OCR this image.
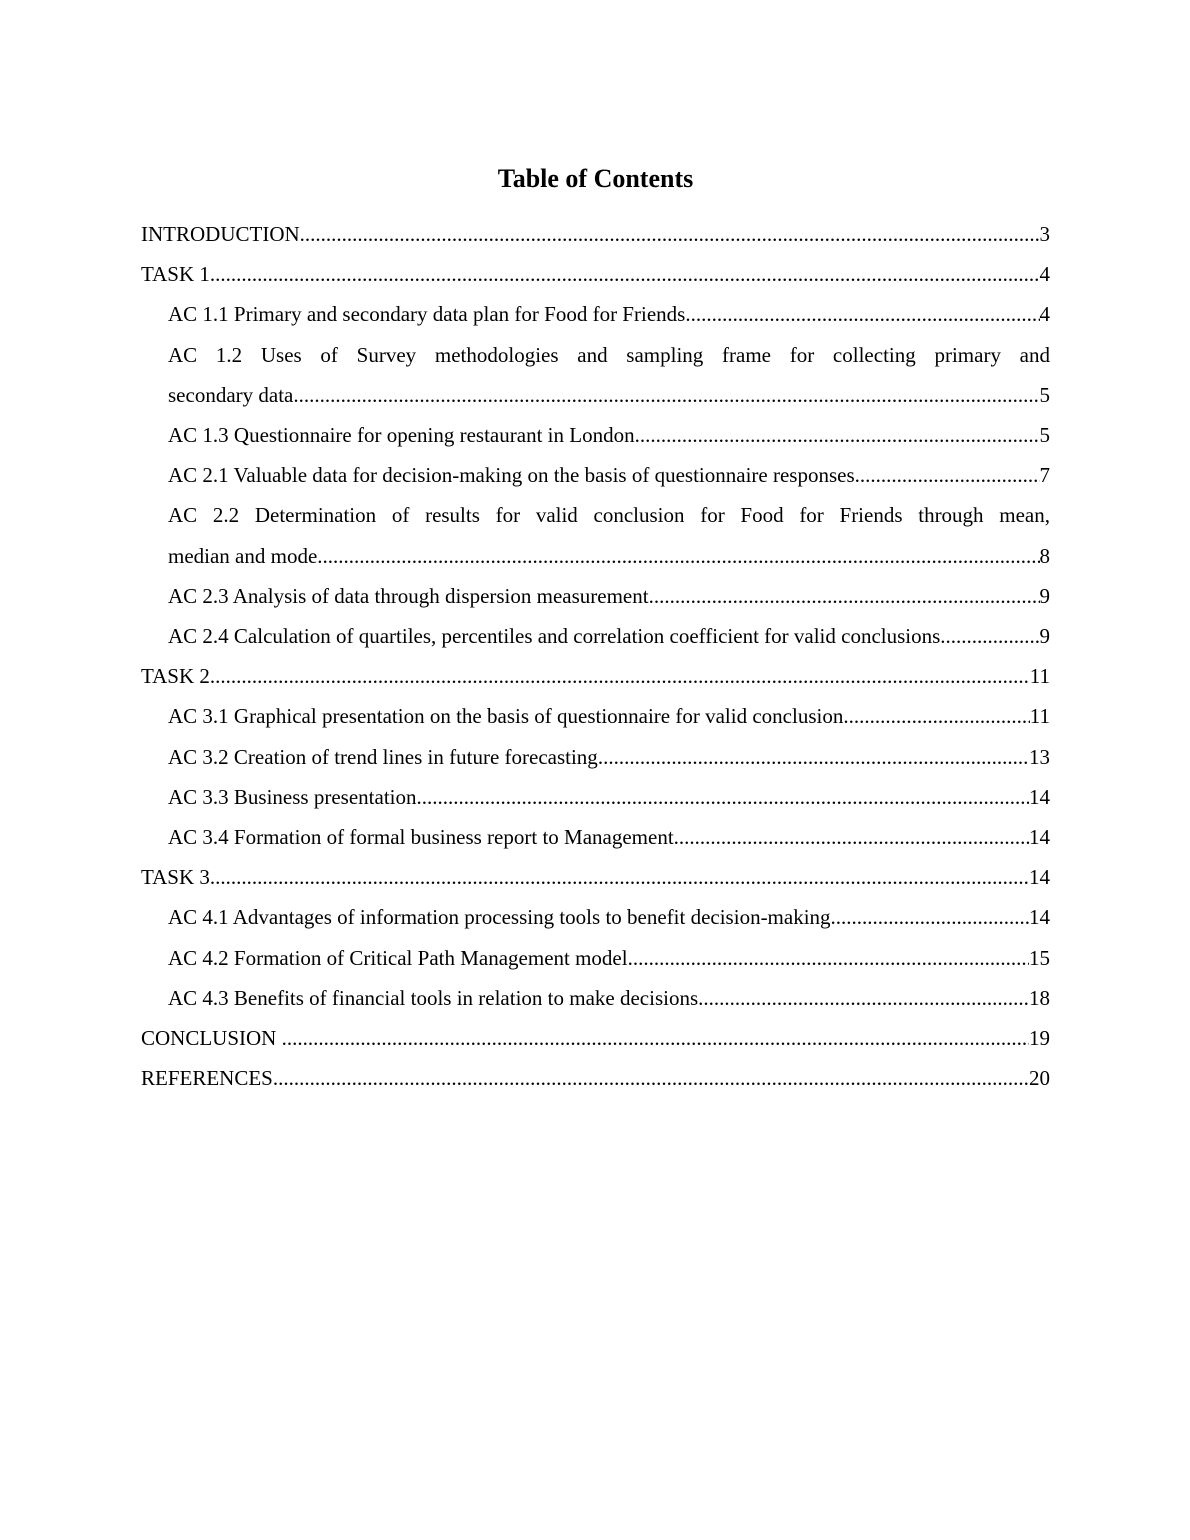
Table of Contents
INTRODUCTION .....	3
TASK 1 .....	4
AC 1.1 Primary and secondary data plan for Food for Friends .....	4
AC 1.2 Uses of Survey methodologies and sampling frame for collecting primary and
secondary data .....	5
AC 1.3 Questionnaire for opening restaurant in London .....	5
AC 2.1 Valuable data for decision-making on the basis of questionnaire responses .....	7
AC 2.2 Determination of results for valid conclusion for Food for Friends through mean,
median and mode .....	8
AC 2.3 Analysis of data through dispersion measurement .....	9
AC 2.4 Calculation of quartiles, percentiles and correlation coefficient for valid conclusions .....	9
TASK 2 .....	11
AC 3.1 Graphical presentation on the basis of questionnaire for valid conclusion .....	11
AC 3.2 Creation of trend lines in future forecasting .....	13
AC 3.3 Business presentation .....	14
AC 3.4 Formation of formal business report to Management .....	14
TASK 3 .....	14
AC 4.1 Advantages of information processing tools to benefit decision-making .....	14
AC 4.2 Formation of Critical Path Management model .....	15
AC 4.3 Benefits of financial tools in relation to make decisions .....	18
CONCLUSION .....	19
REFERENCES .....	20
